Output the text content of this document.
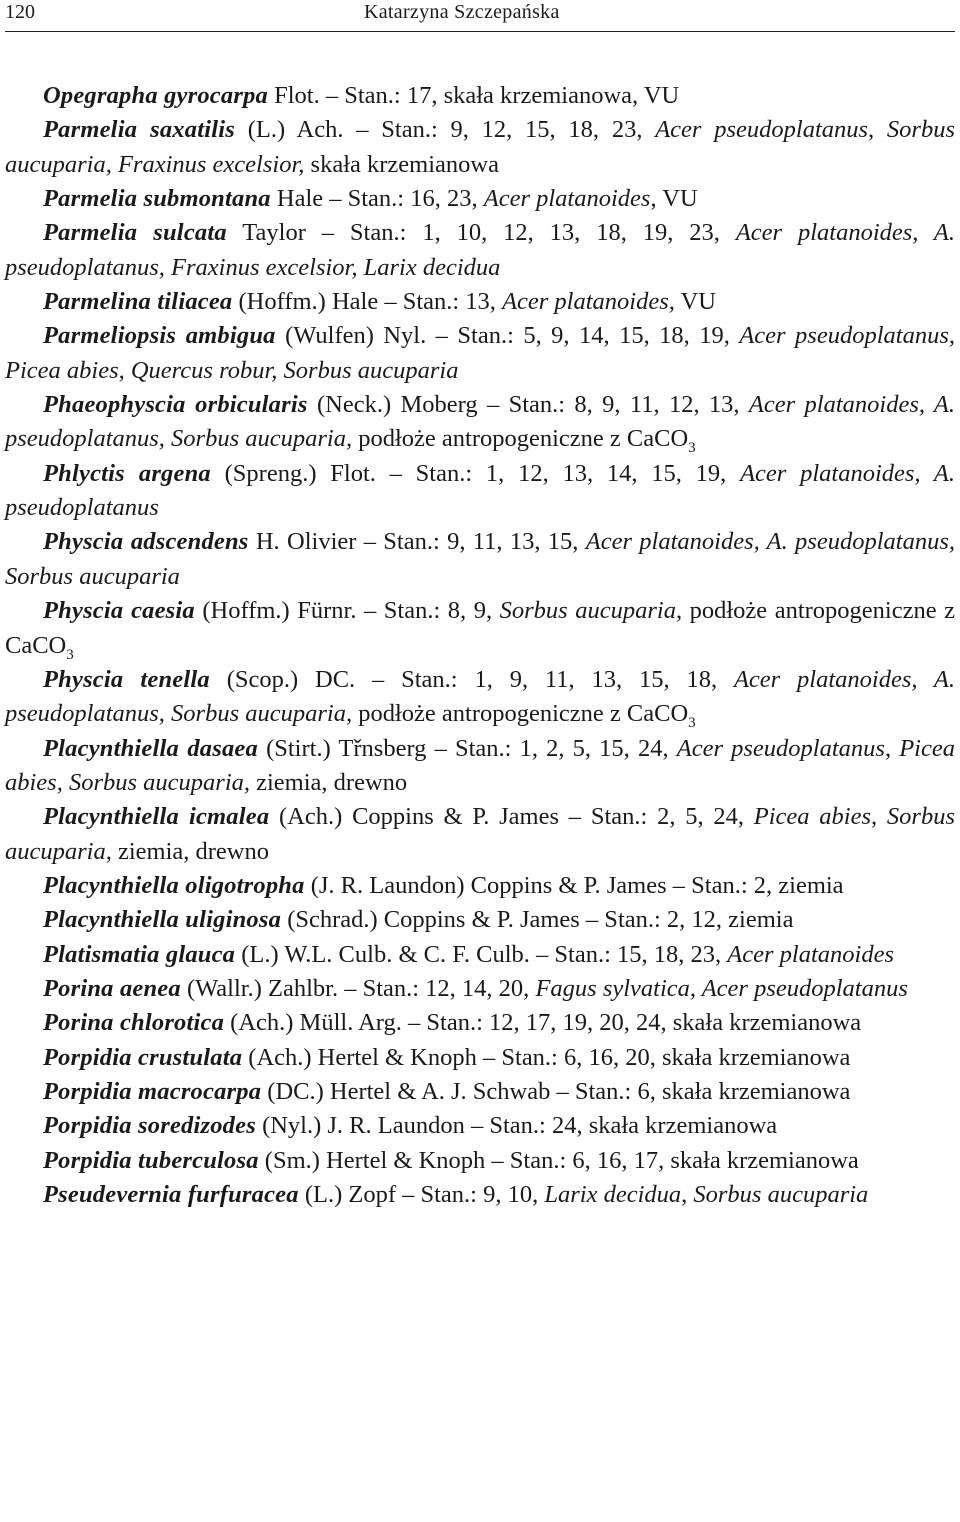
120	Katarzyna Szczepańska

Opegrapha gyrocarpa Flot. – Stan.: 17, skała krzemianowa, VU

Parmelia saxatilis (L.) Ach. – Stan.: 9, 12, 15, 18, 23, Acer pseudoplatanus, Sorbus aucuparia, Fraxinus excelsior, skała krzemianowa

Parmelia submontana Hale – Stan.: 16, 23, Acer platanoides, VU

Parmelia sulcata Taylor – Stan.: 1, 10, 12, 13, 18, 19, 23, Acer platanoides, A. pseudoplatanus, Fraxinus excelsior, Larix decidua

Parmelina tiliacea (Hoffm.) Hale – Stan.: 13, Acer platanoides, VU

Parmeliopsis ambigua (Wulfen) Nyl. – Stan.: 5, 9, 14, 15, 18, 19, Acer pseudoplatanus, Picea abies, Quercus robur, Sorbus aucuparia

Phaeophyscia orbicularis (Neck.) Moberg – Stan.: 8, 9, 11, 12, 13, Acer platanoides, A. pseudoplatanus, Sorbus aucuparia, podłoże antropogeniczne z CaCO$_3$

Phlyctis argena (Spreng.) Flot. – Stan.: 1, 12, 13, 14, 15, 19, Acer platanoides, A. pseudoplatanus

Physcia adscendens H. Olivier – Stan.: 9, 11, 13, 15, Acer platanoides, A. pseudoplatanus, Sorbus aucuparia

Physcia caesia (Hoffm.) Fürnr. – Stan.: 8, 9, Sorbus aucuparia, podłoże antropogeniczne z CaCO$_3$

Physcia tenella (Scop.) DC. – Stan.: 1, 9, 11, 13, 15, 18, Acer platanoides, A. pseudoplatanus, Sorbus aucuparia, podłoże antropogeniczne z CaCO$_3$

Placynthiella dasaea (Stirt.) Třnsberg – Stan.: 1, 2, 5, 15, 24, Acer pseudoplatanus, Picea abies, Sorbus aucuparia, ziemia, drewno

Placynthiella icmalea (Ach.) Coppins & P. James – Stan.: 2, 5, 24, Picea abies, Sorbus aucuparia, ziemia, drewno

Placynthiella oligotropha (J. R. Laundon) Coppins & P. James – Stan.: 2, ziemia

Placynthiella uliginosa (Schrad.) Coppins & P. James – Stan.: 2, 12, ziemia

Platismatia glauca (L.) W.L. Culb. & C. F. Culb. – Stan.: 15, 18, 23, Acer platanoides

Porina aenea (Wallr.) Zahlbr. – Stan.: 12, 14, 20, Fagus sylvatica, Acer pseudoplatanus

Porina chlorotica (Ach.) Müll. Arg. – Stan.: 12, 17, 19, 20, 24, skała krzemianowa

Porpidia crustulata (Ach.) Hertel & Knoph – Stan.: 6, 16, 20, skała krzemianowa

Porpidia macrocarpa (DC.) Hertel & A. J. Schwab – Stan.: 6, skała krzemianowa

Porpidia soredizodes (Nyl.) J. R. Laundon – Stan.: 24, skała krzemianowa

Porpidia tuberculosa (Sm.) Hertel & Knoph – Stan.: 6, 16, 17, skała krzemianowa

Pseudevernia furfuracea (L.) Zopf – Stan.: 9, 10, Larix decidua, Sorbus aucuparia
